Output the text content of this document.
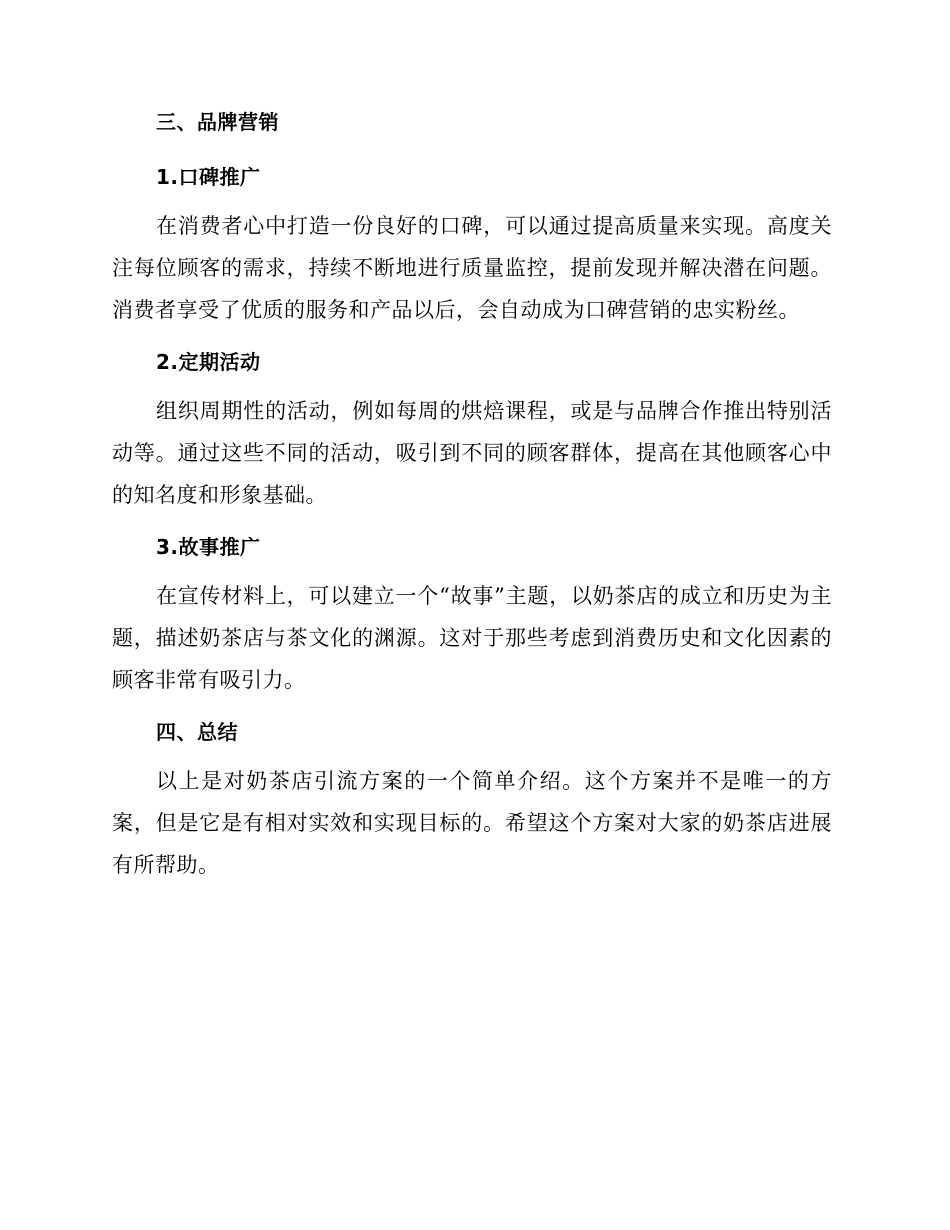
三、品牌营销
1.口碑推广

在消费者心中打造一份良好的口碑，可以通过提高质量来实现。高度关注每位顾客的需求，持续不断地进行质量监控，提前发现并解决潜在问题。消费者享受了优质的服务和产品以后，会自动成为口碑营销的忠实粉丝。

2.定期活动

组织周期性的活动，例如每周的烘焙课程，或是与品牌合作推出特别活动等。通过这些不同的活动，吸引到不同的顾客群体，提高在其他顾客心中的知名度和形象基础。

3.故事推广

在宣传材料上，可以建立一个“故事”主题，以奶茶店的成立和历史为主题，描述奶茶店与茶文化的渊源。这对于那些考虑到消费历史和文化因素的顾客非常有吸引力。

四、总结

以上是对奶茶店引流方案的一个简单介绍。这个方案并不是唯一的方案，但是它是有相对实效和实现目标的。希望这个方案对大家的奶茶店进展有所帮助。
